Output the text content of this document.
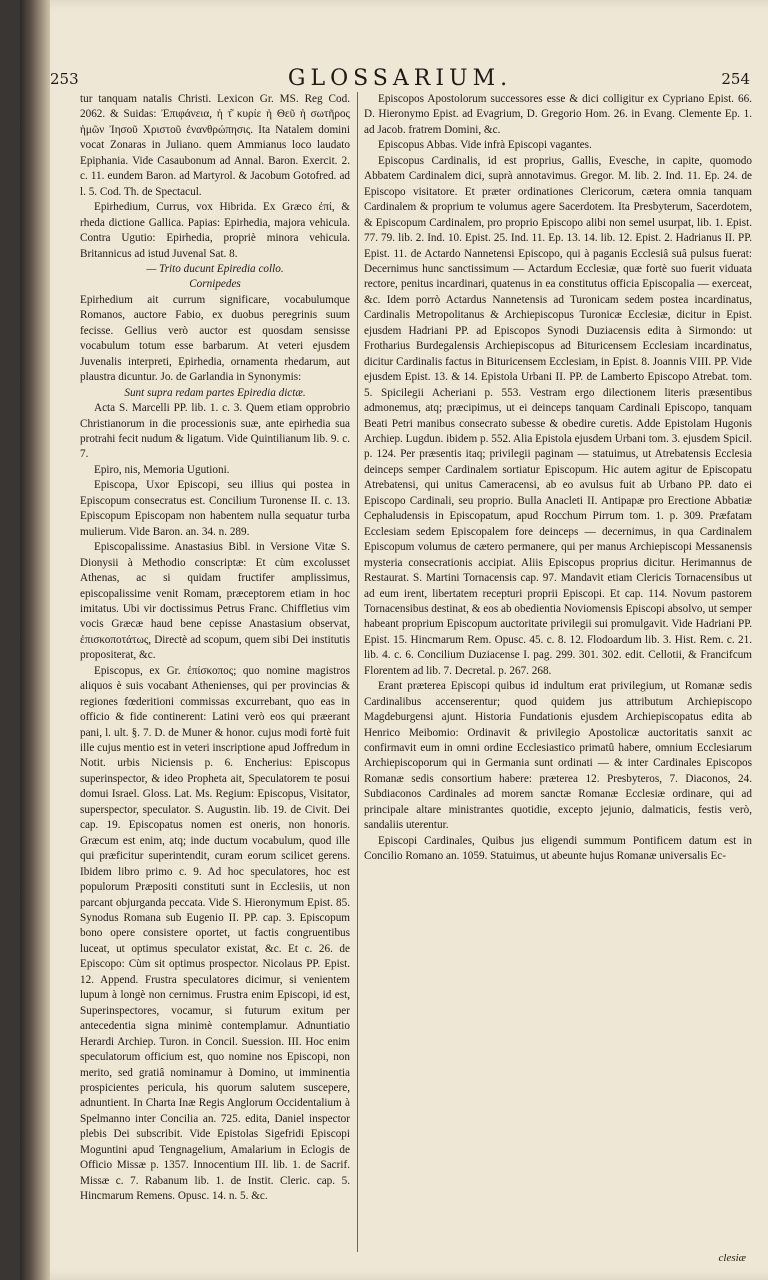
253	GLOSSARIUM.	254

tur tanquam natalis Christi. Lexicon Gr. MS. Reg Cod. 2062. & Suidas: Ἐπιφάνεια, ἡ τ͂ κυρίε ἡ Θεῦ ἡ σωτῆρος ἡμῶν Ἰησοῦ Χριστοῦ ἐνανθρώπησις. Ita Natalem domini vocat Zonaras in Juliano. quem Ammianus loco laudato Epiphania. Vide Casaubonum ad Annal. Baron. Exercit. 2. c. 11. eundem Baron. ad Martyrol. & Jacobum Gotofred. ad l. 5. Cod. Th. de Spectacul.

Epirhedium, Currus, vox Hibrida. Ex Græco ἐπί, & rheda dictione Gallica. Papias: Epirhedia, majora vehicula. Contra Ugutio: Epirhedia, propriè minora vehicula. Britannicus ad istud Juvenal Sat. 8.

— Trito ducunt Epiredia collo.

Cornipedes

Epirhedium ait currum significare, vocabulumque Romanos, auctore Fabio, ex duobus peregrinis suum fecisse. Gellius verò auctor est quosdam sensisse vocabulum totum esse barbarum. At veteri ejusdem Juvenalis interpreti, Epirhedia, ornamenta rhedarum, aut plaustra dicuntur. Jo. de Garlandia in Synonymis:

Sunt supra redam partes Epiredia dictæ.

Acta S. Marcelli PP. lib. 1. c. 3. Quem etiam opprobrio Christianorum in die processionis suæ, ante epirhedia sua protrahi fecit nudum & ligatum. Vide Quintilianum lib. 9. c. 7.

Epiro, nis, Memoria Ugutioni.

Episcopa, Uxor Episcopi, seu illius qui postea in Episcopum consecratus est. Concilium Turonense II. c. 13. Episcopum Episcopam non habentem nulla sequatur turba mulierum. Vide Baron. an. 34. n. 289.

Episcopalissime. Anastasius Bibl. in Versione Vitæ S. Dionysii à Methodio conscriptæ: Et cùm excolusset Athenas, ac si quidam fructifer amplissimus, episcopalissime venit Romam, præceptorem etiam in hoc imitatus. Ubi vir doctissimus Petrus Franc. Chiffletius vim vocis Græcæ haud bene cepisse Anastasium observat, ἐπισκοποτάτως, Directè ad scopum, quem sibi Dei institutis propositerat, &c.

Episcopus, ex Gr. ἐπίσκοπος; quo nomine magistros aliquos è suis vocabant Athenienses, qui per provincias & regiones fœderitioni commissas excurrebant, quo eas in officio & fide continerent: Latini verò eos qui præerant pani, l. ult. §. 7. D. de Muner & honor. cujus modi fortè fuit ille cujus mentio est in veteri inscriptione apud Joffredum in Notit. urbis Niciensis p. 6. Encherius: Episcopus superinspector, & ideo Propheta ait, Speculatorem te posui domui Israel. Gloss. Lat. Ms. Regium: Episcopus, Visitator, superspector, speculator. S. Augustin. lib. 19. de Civit. Dei cap. 19. Episcopatus nomen est oneris, non honoris. Græcum est enim, atq; inde ductum vocabulum, quod ille qui præficitur superintendit, curam eorum scilicet gerens. Ibidem libro primo c. 9. Ad hoc speculatores, hoc est populorum Præpositi constituti sunt in Ecclesiis, ut non parcant objurganda peccata. Vide S. Hieronymum Epist. 85. Synodus Romana sub Eugenio II. PP. cap. 3. Episcopum bono opere consistere oportet, ut factis congruentibus luceat, ut optimus speculator existat, &c. Et c. 26. de Episcopo: Cùm sit optimus prospector. Nicolaus PP. Epist. 12. Append. Frustra speculatores dicimur, si venientem lupum à longè non cernimus. Frustra enim Episcopi, id est, Superinspectores, vocamur, si futurum exitum per antecedentia signa minimè contemplamur. Adnuntiatio Herardi Archiep. Turon. in Concil. Suession. III. Hoc enim speculatorum officium est, quo nomine nos Episcopi, non merito, sed gratiâ nominamur à Domino, ut imminentia prospicientes pericula, his quorum salutem suscepere, adnuntient. In Charta Inæ Regis Anglorum Occidentalium à Spelmanno inter Concilia an. 725. edita, Daniel inspector plebis Dei subscribit. Vide Epistolas Sigefridi Episcopi Moguntini apud Tengnagelium, Amalarium in Eclogis de Officio Missæ p. 1357. Innocentium III. lib. 1. de Sacrif. Missæ c. 7. Rabanum lib. 1. de Instit. Cleric. cap. 5. Hincmarum Remens. Opusc. 14. n. 5. &c.

Episcopos Apostolorum successores esse & dici colligitur ex Cypriano Epist. 66. D. Hieronymo Epist. ad Evagrium, D. Gregorio Hom. 26. in Evang. Clemente Ep. 1. ad Jacob. fratrem Domini, &c.

Episcopus Abbas. Vide infrà Episcopi vagantes.

Episcopus Cardinalis, id est proprius, Gallis, Evesche, in capite, quomodo Abbatem Cardinalem dici, suprà annotavimus. Gregor. M. lib. 2. Ind. 11. Ep. 24. de Episcopo visitatore. Et præter ordinationes Clericorum, cætera omnia tanquam Cardinalem & proprium te volumus agere Sacerdotem. Ita Presbyterum, Sacerdotem, & Episcopum Cardinalem, pro proprio Episcopo alibi non semel usurpat, lib. 1. Epist. 77. 79. lib. 2. Ind. 10. Epist. 25. Ind. 11. Ep. 13. 14. lib. 12. Epist. 2. Hadrianus II. PP. Epist. 11. de Actardo Nannetensi Episcopo, qui à paganis Ecclesiâ suâ pulsus fuerat: Decernimus hunc sanctissimum — Actardum Ecclesiæ, quæ fortè suo fuerit viduata rectore, penitus incardinari, quatenus in ea constitutus officia Episcopalia — exerceat, &c. Idem porrò Actardus Nannetensis ad Turonicam sedem postea incardinatus, Cardinalis Metropolitanus & Archiepiscopus Turonicæ Ecclesiæ, dicitur in Epist. ejusdem Hadriani PP. ad Episcopos Synodi Duziacensis edita à Sirmondo: ut Frotharius Burdegalensis Archiepiscopus ad Bituricensem Ecclesiam incardinatus, dicitur Cardinalis factus in Bituricensem Ecclesiam, in Epist. 8. Joannis VIII. PP. Vide ejusdem Epist. 13. & 14. Epistola Urbani II. PP. de Lamberto Episcopo Atrebat. tom. 5. Spicilegii Acheriani p. 553. Vestram ergo dilectionem literis præsentibus admonemus, atq; præcipimus, ut ei deinceps tanquam Cardinali Episcopo, tanquam Beati Petri manibus consecrato subesse & obedire curetis. Adde Epistolam Hugonis Archiep. Lugdun. ibidem p. 552. Alia Epistola ejusdem Urbani tom. 3. ejusdem Spicil. p. 124. Per præsentis itaq; privilegii paginam — statuimus, ut Atrebatensis Ecclesia deinceps semper Cardinalem sortiatur Episcopum. Hic autem agitur de Episcopatu Atrebatensi, qui unitus Cameracensi, ab eo avulsus fuit ab Urbano PP. dato ei Episcopo Cardinali, seu proprio. Bulla Anacleti II. Antipapæ pro Erectione Abbatiæ Cephaludensis in Episcopatum, apud Rocchum Pirrum tom. 1. p. 309. Præfatam Ecclesiam sedem Episcopalem fore deinceps — decernimus, in qua Cardinalem Episcopum volumus de cætero permanere, qui per manus Archiepiscopi Messanensis mysteria consecrationis accipiat. Aliis Episcopus proprius dicitur. Herimannus de Restaurat. S. Martini Tornacensis cap. 97. Mandavit etiam Clericis Tornacensibus ut ad eum irent, libertatem recepturi proprii Episcopi. Et cap. 114. Novum pastorem Tornacensibus destinat, & eos ab obedientia Noviomensis Episcopi absolvo, ut semper habeant proprium Episcopum auctoritate privilegii sui promulgavit. Vide Hadriani PP. Epist. 15. Hincmarum Rem. Opusc. 45. c. 8. 12. Flodoardum lib. 3. Hist. Rem. c. 21. lib. 4. c. 6. Concilium Duziacense I. pag. 299. 301. 302. edit. Cellotii, & Francifcum Florentem ad lib. 7. Decretal. p. 267. 268.

Erant præterea Episcopi quibus id indultum erat privilegium, ut Romanæ sedis Cardinalibus accenserentur; quod quidem jus attributum Archiepiscopo Magdeburgensi ajunt. Historia Fundationis ejusdem Archiepiscopatus edita ab Henrico Meibomio: Ordinavit & privilegio Apostolicæ auctoritatis sanxit ac confirmavit eum in omni ordine Ecclesiastico primatû habere, omnium Ecclesiarum Archiepiscoporum qui in Germania sunt ordinati — & inter Cardinales Episcopos Romanæ sedis consortium habere: præterea 12. Presbyteros, 7. Diaconos, 24. Subdiaconos Cardinales ad morem sanctæ Romanæ Ecclesiæ ordinare, qui ad principale altare ministrantes quotidie, excepto jejunio, dalmaticis, festis verò, sandaliis uterentur.

Episcopi Cardinales, Quibus jus eligendi summum Pontificem datum est in Concilio Romano an. 1059. Statuimus, ut abeunte hujus Romanæ universalis Ec-

clesiæ
